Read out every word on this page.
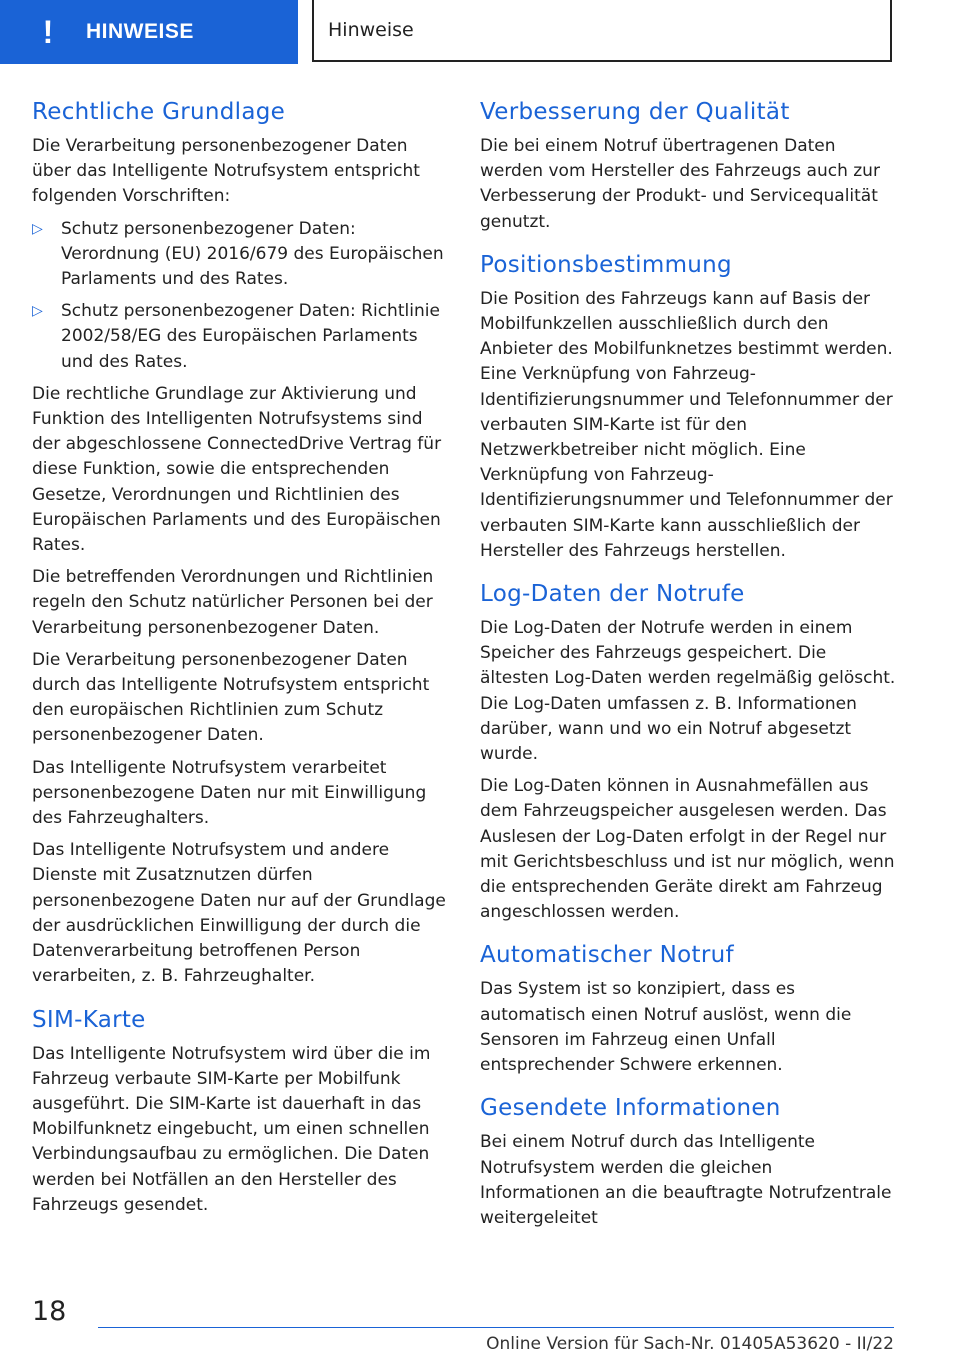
! HINWEISE	Hinweise
Rechtliche Grundlage

Die Verarbeitung personenbezogener Daten über das Intelligente Notrufsystem entspricht folgenden Vorschriften:

▷ Schutz personenbezogener Daten: Verordnung (EU) 2016/679 des Europäischen Parlaments und des Rates.
▷ Schutz personenbezogener Daten: Richtlinie 2002/58/EG des Europäischen Parlaments und des Rates.

Die rechtliche Grundlage zur Aktivierung und Funktion des Intelligenten Notrufsystems sind der abgeschlossene ConnectedDrive Vertrag für diese Funktion, sowie die entsprechenden Gesetze, Verordnungen und Richtlinien des Europäischen Parlaments und des Europäischen Rates.

Die betreffenden Verordnungen und Richtlinien regeln den Schutz natürlicher Personen bei der Verarbeitung personenbezogener Daten.

Die Verarbeitung personenbezogener Daten durch das Intelligente Notrufsystem entspricht den europäischen Richtlinien zum Schutz personenbezogener Daten.

Das Intelligente Notrufsystem verarbeitet personenbezogene Daten nur mit Einwilligung des Fahrzeughalters.

Das Intelligente Notrufsystem und andere Dienste mit Zusatznutzen dürfen personenbezogene Daten nur auf der Grundlage der ausdrücklichen Einwilligung der durch die Datenverarbeitung betroffenen Person verarbeiten, z. B. Fahrzeughalter.

SIM-Karte

Das Intelligente Notrufsystem wird über die im Fahrzeug verbaute SIM-Karte per Mobilfunk ausgeführt. Die SIM-Karte ist dauerhaft in das Mobilfunknetz eingebucht, um einen schnellen Verbindungsaufbau zu ermöglichen. Die Daten werden bei Notfällen an den Hersteller des Fahrzeugs gesendet.

Verbesserung der Qualität

Die bei einem Notruf übertragenen Daten werden vom Hersteller des Fahrzeugs auch zur Verbesserung der Produkt- und Servicequalität genutzt.

Positionsbestimmung

Die Position des Fahrzeugs kann auf Basis der Mobilfunkzellen ausschließlich durch den Anbieter des Mobilfunknetzes bestimmt werden. Eine Verknüpfung von Fahrzeug-Identifizierungsnummer und Telefonnummer der verbauten SIM-Karte ist für den Netzwerkbetreiber nicht möglich. Eine Verknüpfung von Fahrzeug-Identifizierungsnummer und Telefonnummer der verbauten SIM-Karte kann ausschließlich der Hersteller des Fahrzeugs herstellen.

Log-Daten der Notrufe

Die Log-Daten der Notrufe werden in einem Speicher des Fahrzeugs gespeichert. Die ältesten Log-Daten werden regelmäßig gelöscht. Die Log-Daten umfassen z. B. Informationen darüber, wann und wo ein Notruf abgesetzt wurde.

Die Log-Daten können in Ausnahmefällen aus dem Fahrzeugspeicher ausgelesen werden. Das Auslesen der Log-Daten erfolgt in der Regel nur mit Gerichtsbeschluss und ist nur möglich, wenn die entsprechenden Geräte direkt am Fahrzeug angeschlossen werden.

Automatischer Notruf

Das System ist so konzipiert, dass es automatisch einen Notruf auslöst, wenn die Sensoren im Fahrzeug einen Unfall entsprechender Schwere erkennen.

Gesendete Informationen

Bei einem Notruf durch das Intelligente Notrufsystem werden die gleichen Informationen an die beauftragte Notrufzentrale weitergeleitet

18
Online Version für Sach-Nr. 01405A53620 - II/22
